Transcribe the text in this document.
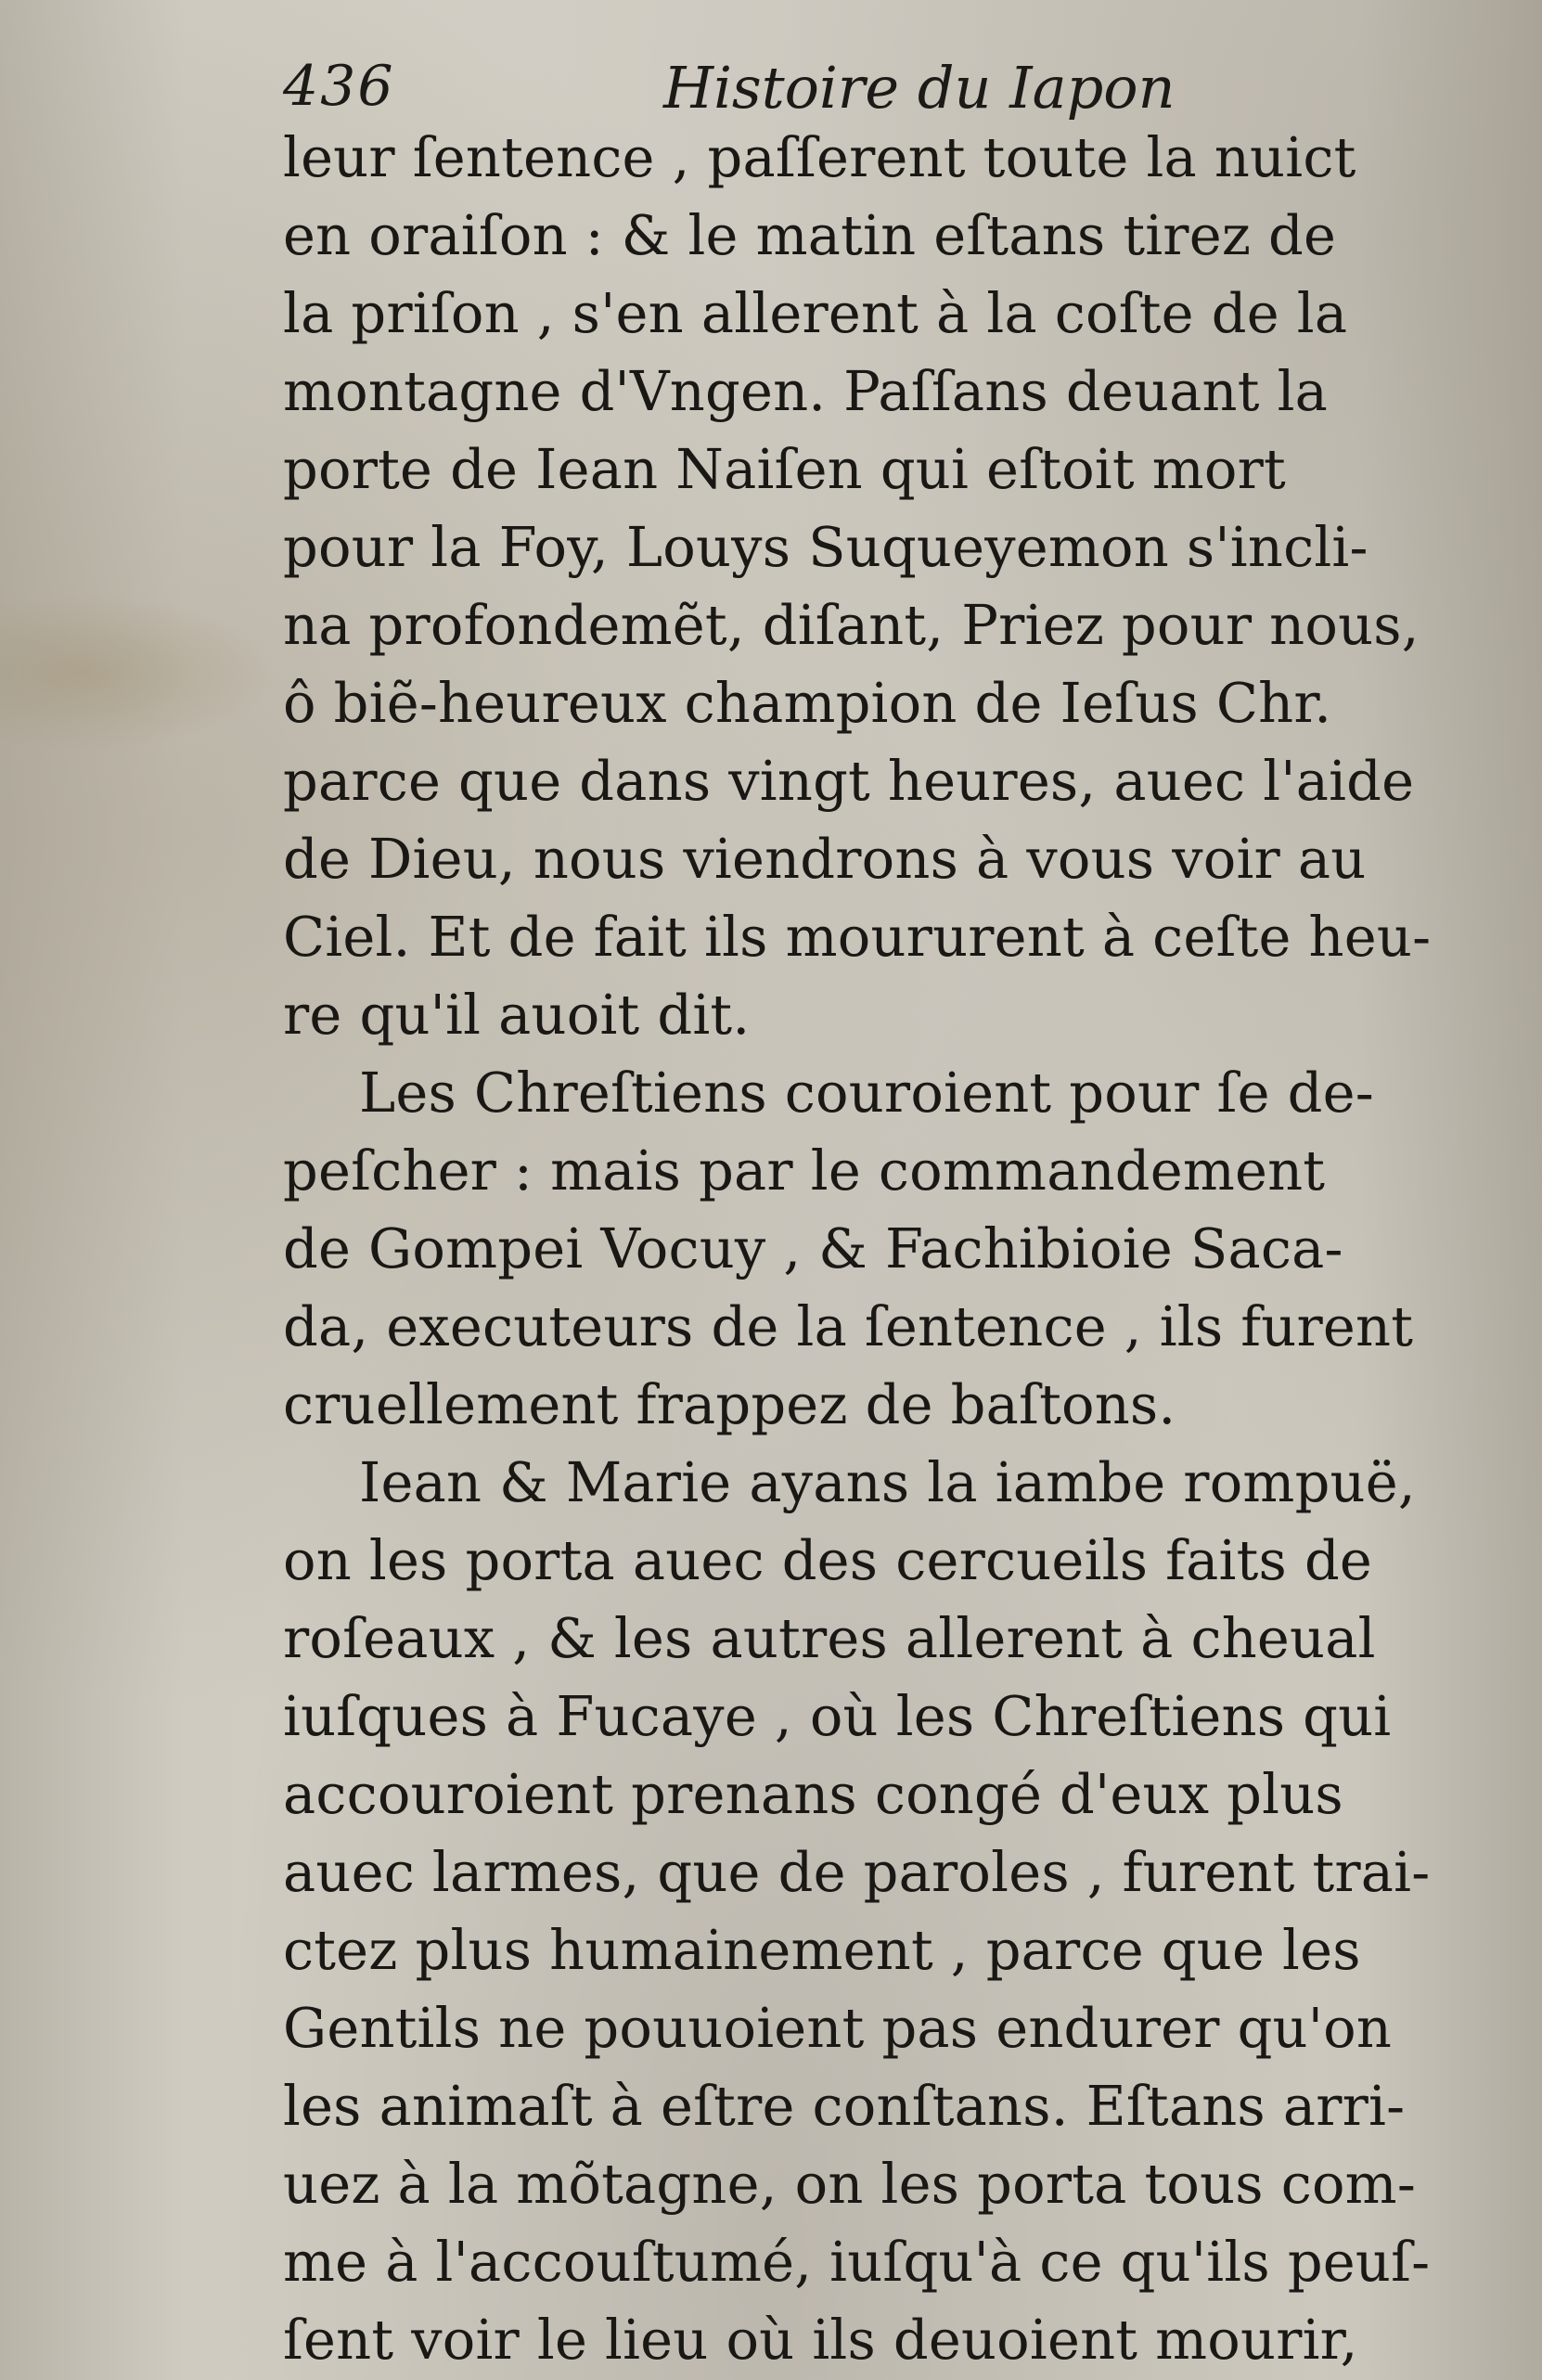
436	Histoire du Iapon
leur ſentence , paſſerent toute la nuict
en oraiſon : & le matin eſtans tirez de
la priſon , s'en allerent à la coſte de la
montagne d'Vngen. Paſſans deuant la
porte de Iean Naiſen qui eſtoit mort
pour la Foy, Louys Suqueyemon s'incli-
na profondemẽt, diſant, Priez pour nous,
ô biẽ-heureux champion de Ieſus Chr.
parce que dans vingt heures, auec l'aide
de Dieu, nous viendrons à vous voir au
Ciel. Et de fait ils moururent à ceſte heu-
re qu'il auoit dit.
Les Chreſtiens couroient pour ſe de-
peſcher : mais par le commandement
de Gompei Vocuy , & Fachibioie Saca-
da, executeurs de la ſentence , ils furent
cruellement frappez de baſtons.
Iean & Marie ayans la iambe rompuë,
on les porta auec des cercueils faits de
roſeaux , & les autres allerent à cheual
iuſques à Fucaye , où les Chreſtiens qui
accouroient prenans congé d'eux plus
auec larmes, que de paroles , furent trai-
ctez plus humainement , parce que les
Gentils ne pouuoient pas endurer qu'on
les animaſt à eſtre conſtans. Eſtans arri-
uez à la mõtagne, on les porta tous com-
me à l'accouſtumé, iuſqu'à ce qu'ils peuſ-
ſent voir le lieu où ils deuoient mourir,
